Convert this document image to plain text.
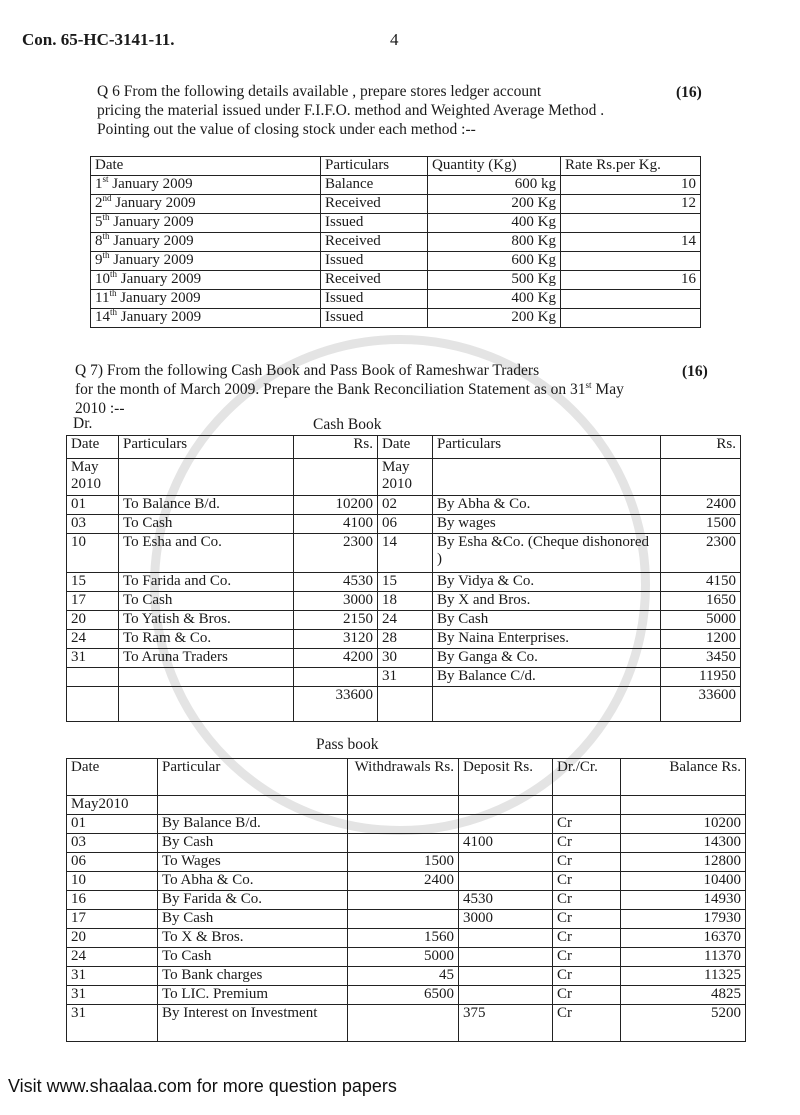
Con. 65-HC-3141-11.	4
Q 6 From the following details available , prepare stores ledger account
pricing the material issued under F.I.F.O. method and Weighted Average Method .
Pointing out the value of closing stock under each method :--
(16)
Date	Particulars	Quantity (Kg)	Rate Rs.per Kg.
1st January 2009	Balance	600 kg	10
2nd January 2009	Received	200 Kg	12
5th January 2009	Issued	400 Kg	
8th January 2009	Received	800 Kg	14
9th January 2009	Issued	600 Kg	
10th January 2009	Received	500 Kg	16
11th January 2009	Issued	400 Kg	
14th January 2009	Issued	200 Kg	
Q 7) From the following Cash Book and Pass Book of Rameshwar Traders
for the month of March 2009. Prepare the Bank Reconciliation Statement as on 31st May
2010 :--
(16)
Dr.	Cash Book
Date	Particulars	Rs.	Date	Particulars	Rs.
May 2010			May 2010		
01	To Balance B/d.	10200	02	By Abha & Co.	2400
03	To Cash	4100	06	By wages	1500
10	To Esha and Co.	2300	14	By Esha &Co. (Cheque dishonored )	2300
15	To Farida and Co.	4530	15	By Vidya & Co.	4150
17	To Cash	3000	18	By X and Bros.	1650
20	To Yatish & Bros.	2150	24	By Cash	5000
24	To Ram & Co.	3120	28	By Naina Enterprises.	1200
31	To Aruna Traders	4200	30	By Ganga & Co.	3450
			31	By Balance C/d.	11950
		33600			33600
Pass book
Date	Particular	Withdrawals Rs.	Deposit Rs.	Dr./Cr.	Balance Rs.
May2010					
01	By Balance B/d.			Cr	10200
03	By Cash		4100	Cr	14300
06	To Wages	1500		Cr	12800
10	To Abha & Co.	2400		Cr	10400
16	By Farida & Co.		4530	Cr	14930
17	By Cash		3000	Cr	17930
20	To X & Bros.	1560		Cr	16370
24	To Cash	5000		Cr	11370
31	To Bank charges	45		Cr	11325
31	To LIC. Premium	6500		Cr	4825
31	By Interest on Investment		375	Cr	5200
Visit www.shaalaa.com for more question papers
